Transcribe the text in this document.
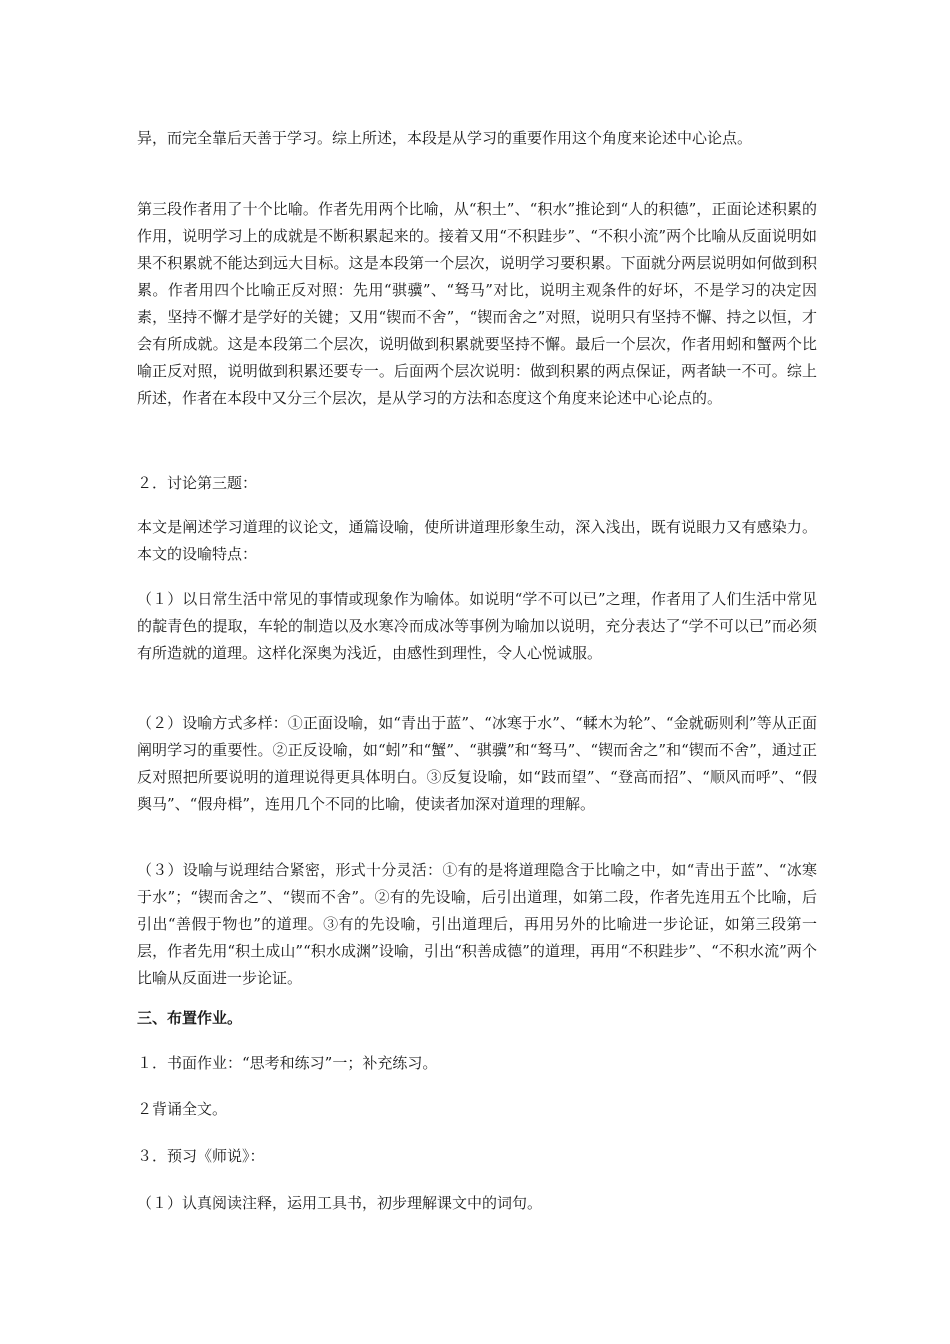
异，而完全靠后天善于学习。综上所述，本段是从学习的重要作用这个角度来论述中心论点。

第三段作者用了十个比喻。作者先用两个比喻，从“积土”、“积水”推论到“人的积德”，正面论述积累的作用，说明学习上的成就是不断积累起来的。接着又用“不积跬步”、“不积小流”两个比喻从反面说明如果不积累就不能达到远大目标。这是本段第一个层次，说明学习要积累。下面就分两层说明如何做到积累。作者用四个比喻正反对照：先用“骐骥”、“驽马”对比，说明主观条件的好坏，不是学习的决定因素，坚持不懈才是学好的关键；又用“锲而不舍”，“锲而舍之”对照，说明只有坚持不懈、持之以恒，才会有所成就。这是本段第二个层次，说明做到积累就要坚持不懈。最后一个层次，作者用蚓和蟹两个比喻正反对照，说明做到积累还要专一。后面两个层次说明：做到积累的两点保证，两者缺一不可。综上所述，作者在本段中又分三个层次，是从学习的方法和态度这个角度来论述中心论点的。

２．讨论第三题：

本文是阐述学习道理的议论文，通篇设喻，使所讲道理形象生动，深入浅出，既有说眼力又有感染力。本文的设喻特点：

（１）以日常生活中常见的事情或现象作为喻体。如说明“学不可以已”之理，作者用了人们生活中常见的靛青色的提取，车轮的制造以及水寒冷而成冰等事例为喻加以说明，充分表达了“学不可以已”而必须有所造就的道理。这样化深奥为浅近，由感性到理性，令人心悦诚服。

（２）设喻方式多样：①正面设喻，如“青出于蓝”、“冰寒于水”、“輮木为轮”、“金就砺则利”等从正面阐明学习的重要性。②正反设喻，如“蚓”和“蟹”、“骐骥”和“驽马”、“锲而舍之”和“锲而不舍”，通过正反对照把所要说明的道理说得更具体明白。③反复设喻，如“跂而望”、“登高而招”、“顺风而呼”、“假舆马”、“假舟楫”，连用几个不同的比喻，使读者加深对道理的理解。

（３）设喻与说理结合紧密，形式十分灵活：①有的是将道理隐含于比喻之中，如“青出于蓝”、“冰寒于水”；“锲而舍之”、“锲而不舍”。②有的先设喻，后引出道理，如第二段，作者先连用五个比喻，后引出“善假于物也”的道理。③有的先设喻，引出道理后，再用另外的比喻进一步论证，如第三段第一层，作者先用“积土成山”“积水成渊”设喻，引出“积善成德”的道理，再用“不积跬步”、“不积水流”两个比喻从反面进一步论证。

三、布置作业。

１．书面作业：“思考和练习”一；补充练习。

２背诵全文。

３．预习《师说》：

（１）认真阅读注释，运用工具书，初步理解课文中的词句。
